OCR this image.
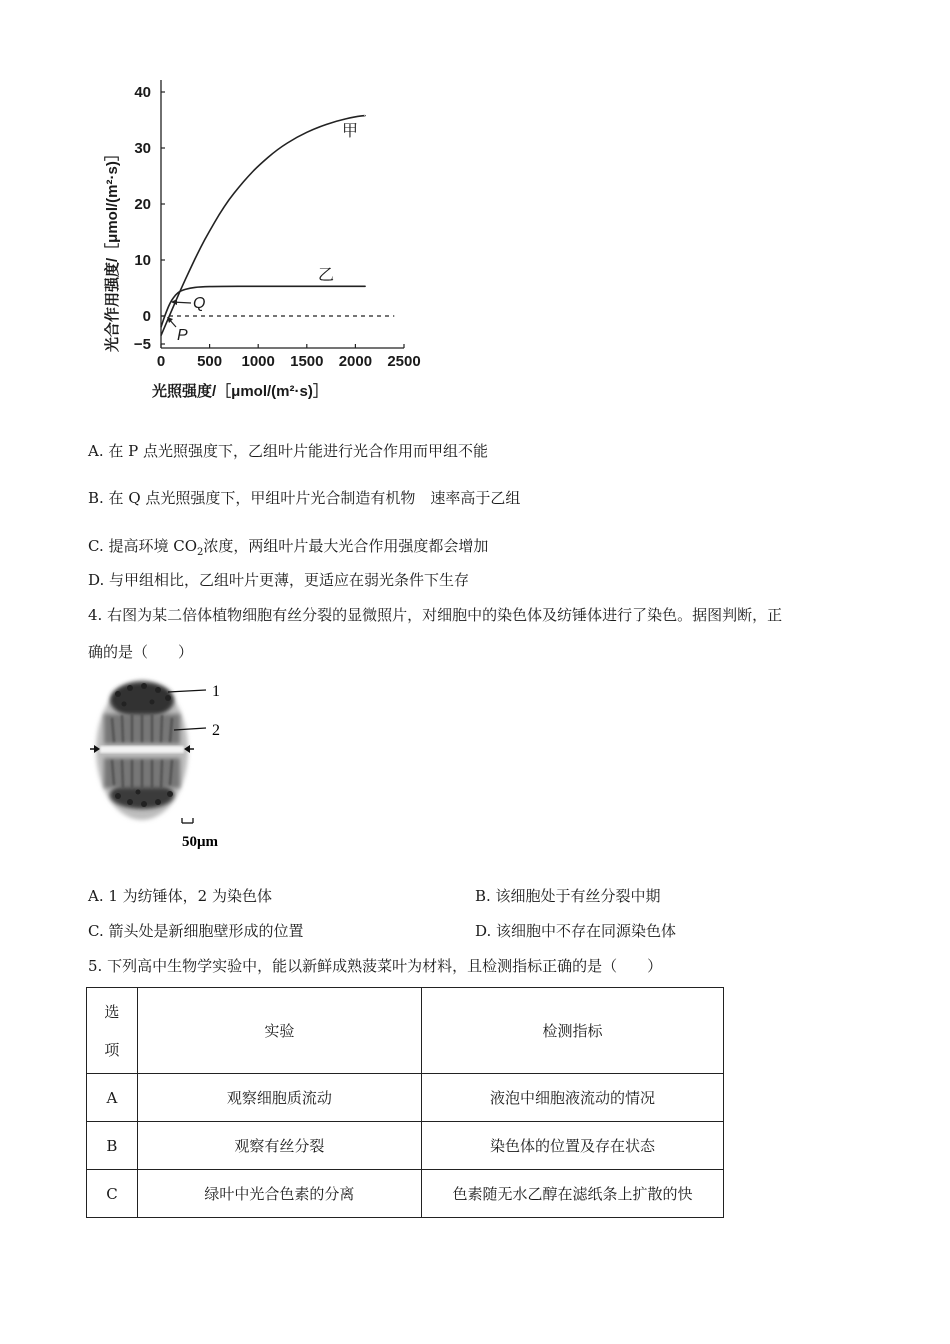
40
30
20
10
0
−5
0 500 1000 1500 2000 2500
甲
乙
Q
P
光照强度/［μmol/(m²·s)］
光合作用强度/［μmol/(m²·s)］
A. 在 P 点光照强度下，乙组叶片能进行光合作用而甲组不能
B. 在 Q 点光照强度下，甲组叶片光合制造有机物　速率高于乙组
C. 提高环境 $CO_2$浓度，两组叶片最大光合作用强度都会增加
D. 与甲组相比，乙组叶片更薄，更适应在弱光条件下生存
4. 右图为某二倍体植物细胞有丝分裂的显微照片，对细胞中的染色体及纺锤体进行了染色。据图判断，正
确的是（　　）
1
2
50μm
A. 1 为纺锤体，2 为染色体	B. 该细胞处于有丝分裂中期
C. 箭头处是新细胞壁形成的位置	D. 该细胞中不存在同源染色体
5. 下列高中生物学实验中，能以新鲜成熟菠菜叶为材料，且检测指标正确的是（　　）
选
项	实验	检测指标
A	观察细胞质流动	液泡中细胞液流动的情况
B	观察有丝分裂	染色体的位置及存在状态
C	绿叶中光合色素的分离	色素随无水乙醇在滤纸条上扩散的快
